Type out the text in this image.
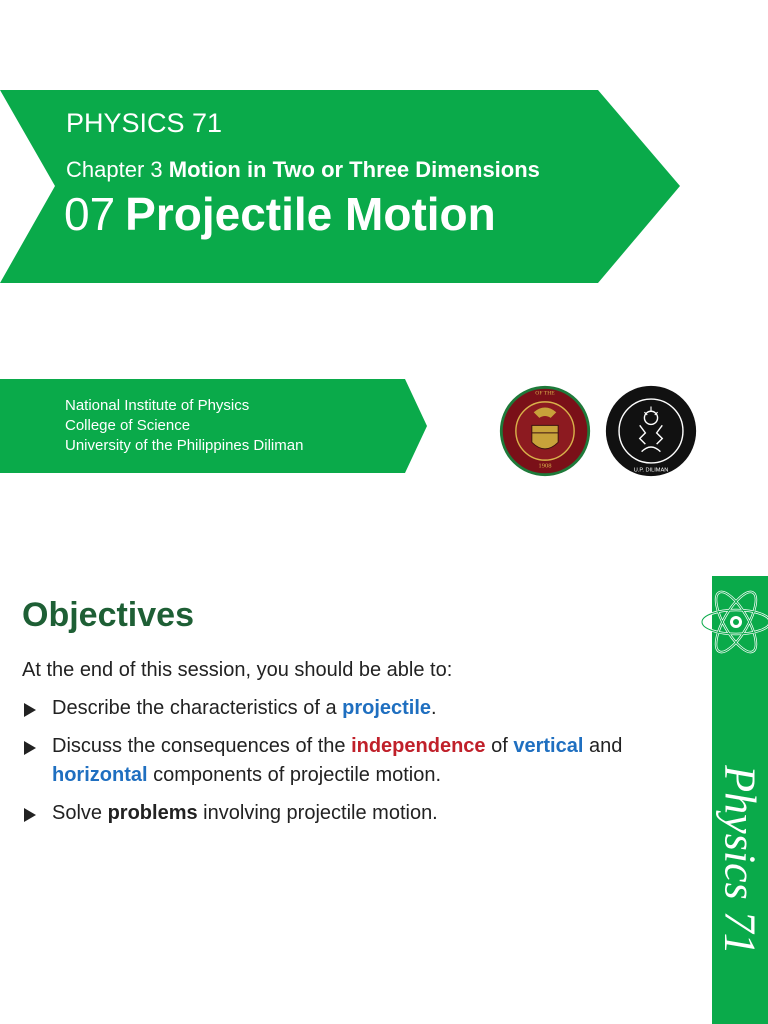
PHYSICS 71
Chapter 3 Motion in Two or Three Dimensions
07 Projectile Motion
National Institute of Physics
College of Science
University of the Philippines Diliman
1908
OF THE
U.P. DILIMAN
Objectives
At the end of this session, you should be able to:
Describe the characteristics of a projectile.
Discuss the consequences of the independence of vertical and horizontal components of projectile motion.
Solve problems involving projectile motion.	Physics 71
